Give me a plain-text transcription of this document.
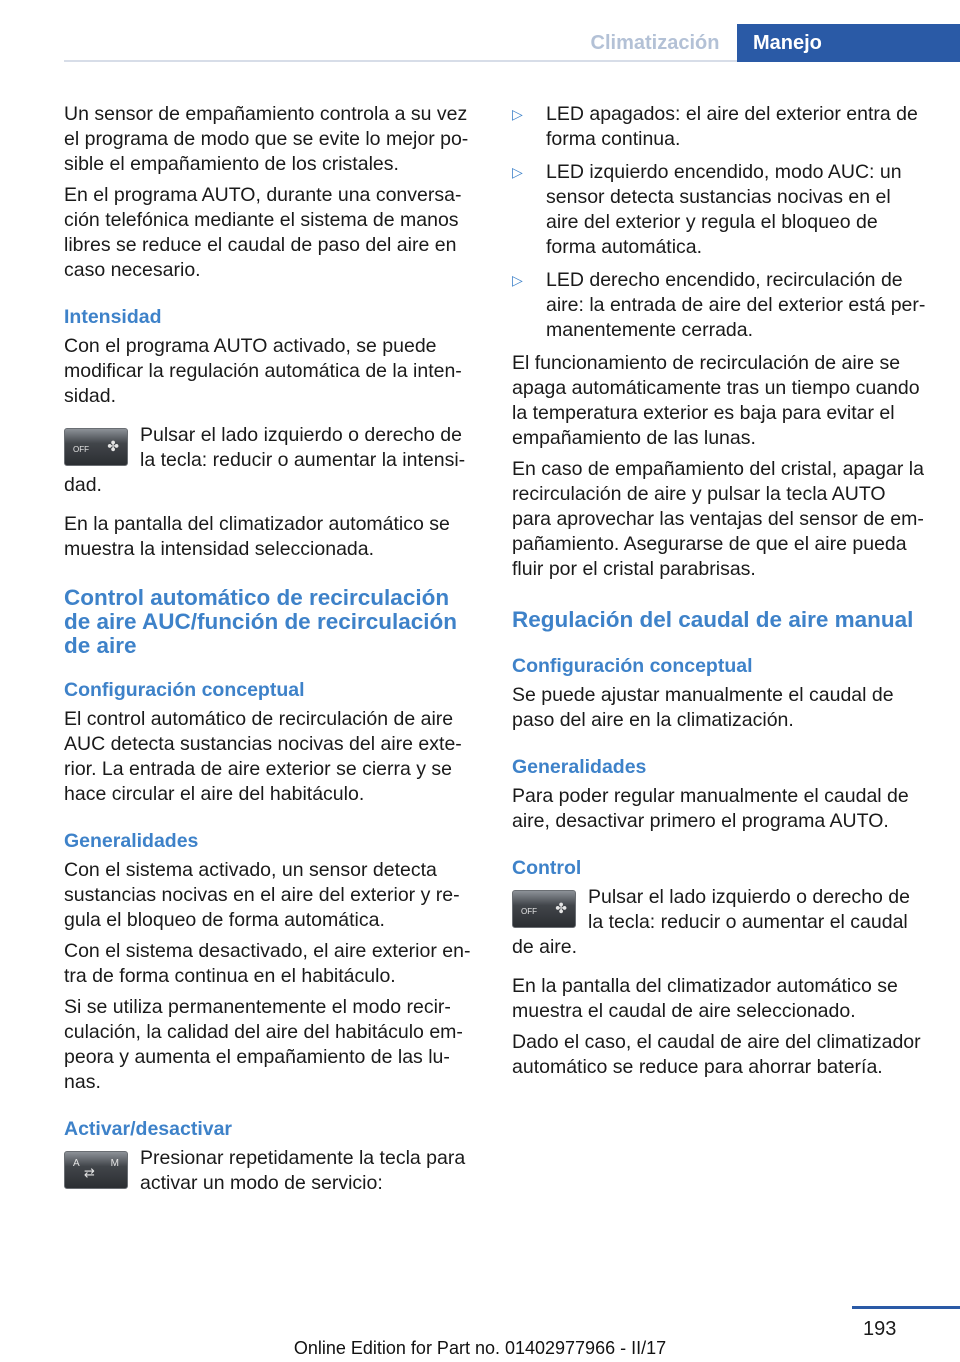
Climatización	Manejo

Un sensor de empañamiento controla a su vez el programa de modo que se evite lo mejor po‐ sible el empañamiento de los cristales.

En el programa AUTO, durante una conversa‐ ción telefónica mediante el sistema de manos libres se reduce el caudal de paso del aire en caso necesario.

Intensidad

Con el programa AUTO activado, se puede modificar la regulación automática de la inten‐ sidad.

OFF ✤ Pulsar el lado izquierdo o derecho de la tecla: reducir o aumentar la intensi‐ dad.

En la pantalla del climatizador automático se muestra la intensidad seleccionada.

Control automático de recirculación de aire AUC/función de recirculación de aire
Configuración conceptual

El control automático de recirculación de aire AUC detecta sustancias nocivas del aire exte‐ rior. La entrada de aire exterior se cierra y se hace circular el aire del habitáculo.

Generalidades

Con el sistema activado, un sensor detecta sustancias nocivas en el aire del exterior y re‐ gula el bloqueo de forma automática.

Con el sistema desactivado, el aire exterior en‐ tra de forma continua en el habitáculo.

Si se utiliza permanentemente el modo recir‐ culación, la calidad del aire del habitáculo em‐ peora y aumenta el empañamiento de las lu‐ nas.

Activar/desactivar
A	M
⇄
Presionar repetidamente la tecla para activar un modo de servicio:
▷ LED apagados: el aire del exterior entra de forma continua.
▷ LED izquierdo encendido, modo AUC: un sensor detecta sustancias nocivas en el aire del exterior y regula el bloqueo de forma automática.
▷ LED derecho encendido, recirculación de aire: la entrada de aire del exterior está per‐ manentemente cerrada.

El funcionamiento de recirculación de aire se apaga automáticamente tras un tiempo cuando la temperatura exterior es baja para evitar el empañamiento de las lunas.

En caso de empañamiento del cristal, apagar la recirculación de aire y pulsar la tecla AUTO para aprovechar las ventajas del sensor de em‐ pañamiento. Asegurarse de que el aire pueda fluir por el cristal parabrisas.

Regulación del caudal de aire manual
Configuración conceptual

Se puede ajustar manualmente el caudal de paso del aire en la climatización.

Generalidades

Para poder regular manualmente el caudal de aire, desactivar primero el programa AUTO.

Control
OFF ✤ Pulsar el lado izquierdo o derecho de la tecla: reducir o aumentar el caudal de aire.

En la pantalla del climatizador automático se muestra el caudal de aire seleccionado.

Dado el caso, el caudal de aire del climatizador automático se reduce para ahorrar batería.

193
Online Edition for Part no. 01402977966 - II/17
